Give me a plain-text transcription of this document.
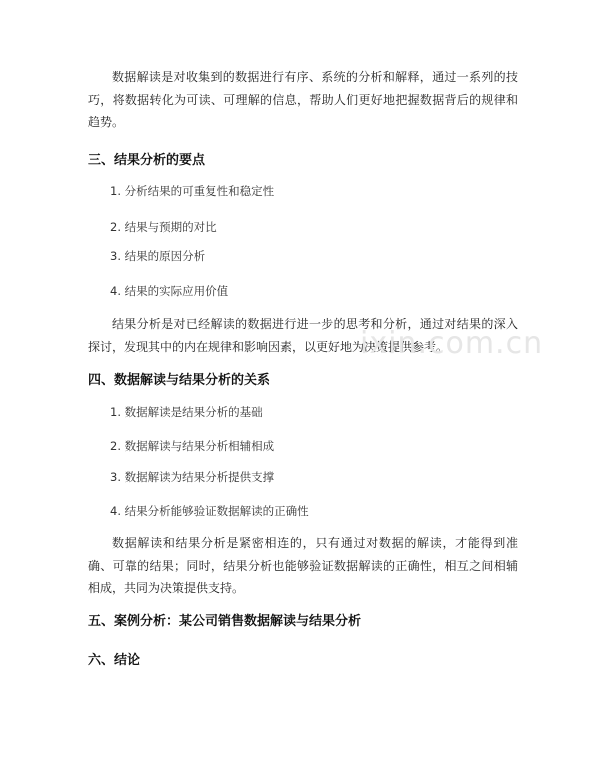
数据解读是对收集到的数据进行有序、系统的分析和解释，通过一系列的技巧，将数据转化为可读、可理解的信息，帮助人们更好地把握数据背后的规律和趋势。

三、结果分析的要点

1. 分析结果的可重复性和稳定性

2. 结果与预期的对比

3. 结果的原因分析

4. 结果的实际应用价值

结果分析是对已经解读的数据进行进一步的思考和分析，通过对结果的深入探讨，发现其中的内在规律和影响因素，以更好地为决策提供参考。

四、数据解读与结果分析的关系

1. 数据解读是结果分析的基础

2. 数据解读与结果分析相辅相成

3. 数据解读为结果分析提供支撑

4. 结果分析能够验证数据解读的正确性

数据解读和结果分析是紧密相连的，只有通过对数据的解读，才能得到准确、可靠的结果；同时，结果分析也能够验证数据解读的正确性，相互之间相辅相成，共同为决策提供支持。

五、案例分析：某公司销售数据解读与结果分析
六、结论
ixin.com.cn
